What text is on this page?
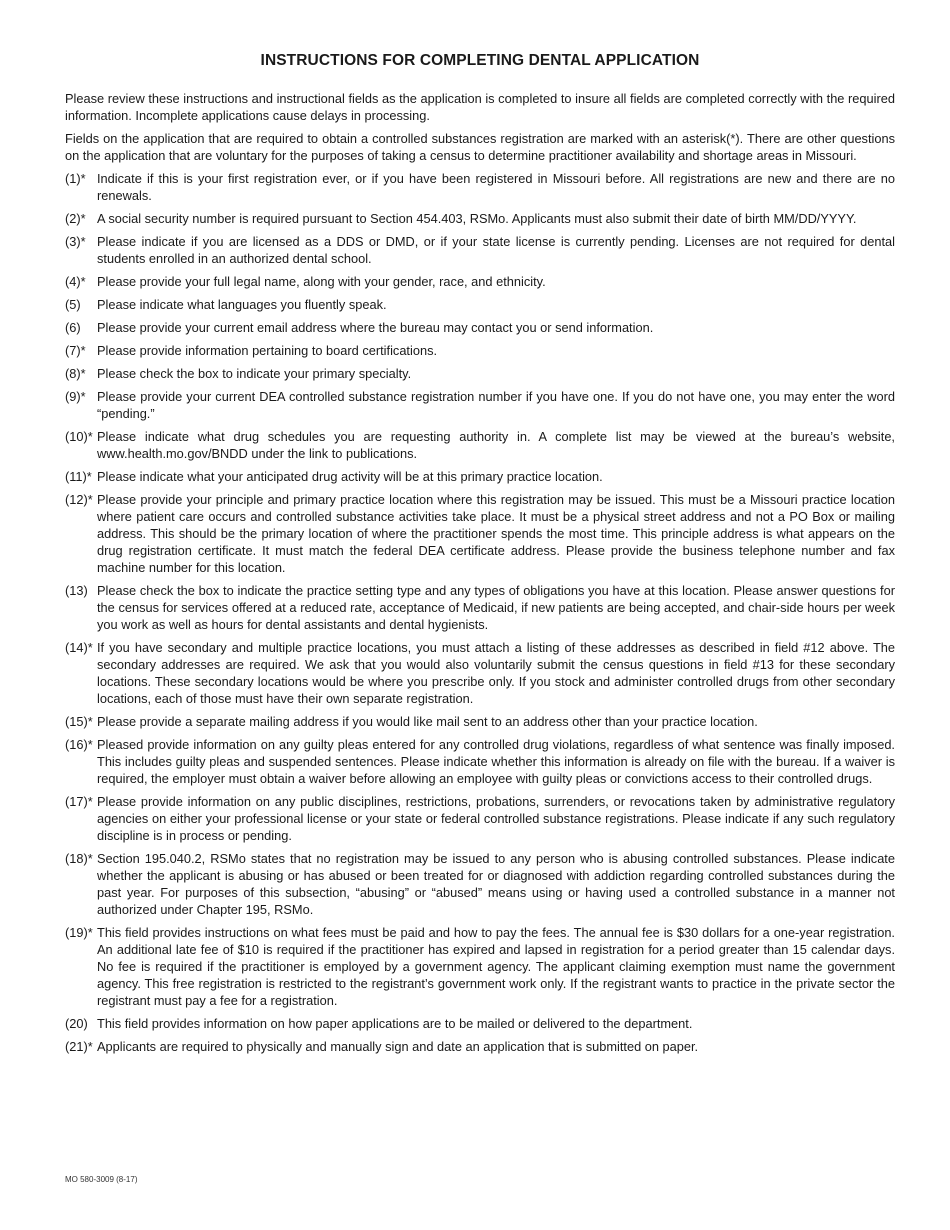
INSTRUCTIONS FOR COMPLETING DENTAL APPLICATION

Please review these instructions and instructional fields as the application is completed to insure all fields are completed correctly with the required information. Incomplete applications cause delays in processing.

Fields on the application that are required to obtain a controlled substances registration are marked with an asterisk(*). There are other questions on the application that are voluntary for the purposes of taking a census to determine practitioner availability and shortage areas in Missouri.

(1)* Indicate if this is your first registration ever, or if you have been registered in Missouri before. All registrations are new and there are no renewals.
(2)* A social security number is required pursuant to Section 454.403, RSMo. Applicants must also submit their date of birth MM/DD/YYYY.
(3)* Please indicate if you are licensed as a DDS or DMD, or if your state license is currently pending. Licenses are not required for dental students enrolled in an authorized dental school.
(4)* Please provide your full legal name, along with your gender, race, and ethnicity.
(5)	Please indicate what languages you fluently speak.
(6)	Please provide your current email address where the bureau may contact you or send information.
(7)* Please provide information pertaining to board certifications.
(8)* Please check the box to indicate your primary specialty.
(9)* Please provide your current DEA controlled substance registration number if you have one. If you do not have one, you may enter the word “pending.”
(10)* Please indicate what drug schedules you are requesting authority in. A complete list may be viewed at the bureau’s website, www.health.mo.gov/BNDD under the link to publications.
(11)* Please indicate what your anticipated drug activity will be at this primary practice location.
(12)* Please provide your principle and primary practice location where this registration may be issued. This must be a Missouri practice location where patient care occurs and controlled substance activities take place. It must be a physical street address and not a PO Box or mailing address. This should be the primary location of where the practitioner spends the most time. This principle address is what appears on the drug registration certificate. It must match the federal DEA certificate address. Please provide the business telephone number and fax machine number for this location.
(13) Please check the box to indicate the practice setting type and any types of obligations you have at this location. Please answer questions for the census for services offered at a reduced rate, acceptance of Medicaid, if new patients are being accepted, and chair-side hours per week you work as well as hours for dental assistants and dental hygienists.
(14)* If you have secondary and multiple practice locations, you must attach a listing of these addresses as described in field #12 above. The secondary addresses are required. We ask that you would also voluntarily submit the census questions in field #13 for these secondary locations. These secondary locations would be where you prescribe only. If you stock and administer controlled drugs from other secondary locations, each of those must have their own separate registration.
(15)* Please provide a separate mailing address if you would like mail sent to an address other than your practice location.
(16)* Pleased provide information on any guilty pleas entered for any controlled drug violations, regardless of what sentence was finally imposed. This includes guilty pleas and suspended sentences. Please indicate whether this information is already on file with the bureau. If a waiver is required, the employer must obtain a waiver before allowing an employee with guilty pleas or convictions access to their controlled drugs.
(17)* Please provide information on any public disciplines, restrictions, probations, surrenders, or revocations taken by administrative regulatory agencies on either your professional license or your state or federal controlled substance registrations. Please indicate if any such regulatory discipline is in process or pending.
(18)* Section 195.040.2, RSMo states that no registration may be issued to any person who is abusing controlled substances. Please indicate whether the applicant is abusing or has abused or been treated for or diagnosed with addiction regarding controlled substances during the past year. For purposes of this subsection, “abusing” or “abused” means using or having used a controlled substance in a manner not authorized under Chapter 195, RSMo.
(19)* This field provides instructions on what fees must be paid and how to pay the fees. The annual fee is $30 dollars for a one-year registration. An additional late fee of $10 is required if the practitioner has expired and lapsed in registration for a period greater than 15 calendar days. No fee is required if the practitioner is employed by a government agency. The applicant claiming exemption must name the government agency. This free registration is restricted to the registrant’s government work only. If the registrant wants to practice in the private sector the registrant must pay a fee for a registration.
(20) This field provides information on how paper applications are to be mailed or delivered to the department.
(21)* Applicants are required to physically and manually sign and date an application that is submitted on paper.
MO 580-3009 (8-17)
